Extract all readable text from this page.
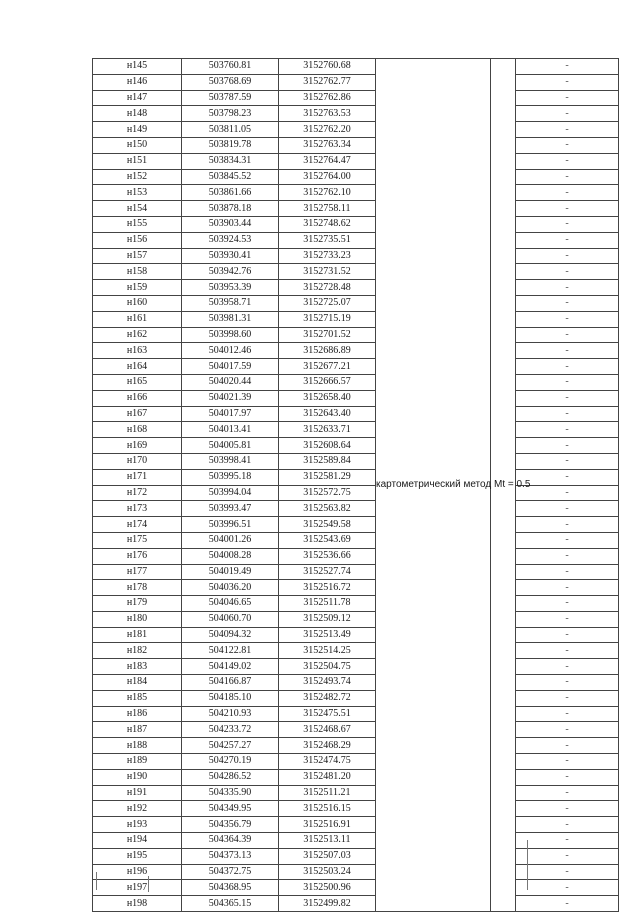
н145	503760.81	3152760.68	картометрический метод Mt = 0.5		-
н146	503768.69	3152762.77			-
н147	503787.59	3152762.86			-
н148	503798.23	3152763.53			-
н149	503811.05	3152762.20			-
н150	503819.78	3152763.34			-
н151	503834.31	3152764.47			-
н152	503845.52	3152764.00			-
н153	503861.66	3152762.10			-
н154	503878.18	3152758.11			-
н155	503903.44	3152748.62			-
н156	503924.53	3152735.51			-
н157	503930.41	3152733.23			-
н158	503942.76	3152731.52			-
н159	503953.39	3152728.48			-
н160	503958.71	3152725.07			-
н161	503981.31	3152715.19			-
н162	503998.60	3152701.52			-
н163	504012.46	3152686.89			-
н164	504017.59	3152677.21			-
н165	504020.44	3152666.57			-
н166	504021.39	3152658.40			-
н167	504017.97	3152643.40			-
н168	504013.41	3152633.71			-
н169	504005.81	3152608.64			-
н170	503998.41	3152589.84			-
н171	503995.18	3152581.29			-
н172	503994.04	3152572.75			-
н173	503993.47	3152563.82			-
н174	503996.51	3152549.58			-
н175	504001.26	3152543.69			-
н176	504008.28	3152536.66			-
н177	504019.49	3152527.74			-
н178	504036.20	3152516.72			-
н179	504046.65	3152511.78			-
н180	504060.70	3152509.12			-
н181	504094.32	3152513.49			-
н182	504122.81	3152514.25			-
н183	504149.02	3152504.75			-
н184	504166.87	3152493.74			-
н185	504185.10	3152482.72			-
н186	504210.93	3152475.51			-
н187	504233.72	3152468.67			-
н188	504257.27	3152468.29			-
н189	504270.19	3152474.75			-
н190	504286.52	3152481.20			-
н191	504335.90	3152511.21			-
н192	504349.95	3152516.15			-
н193	504356.79	3152516.91			-
н194	504364.39	3152513.11			-
н195	504373.13	3152507.03			-
н196	504372.75	3152503.24			-
н197	504368.95	3152500.96			-
н198	504365.15	3152499.82			-
